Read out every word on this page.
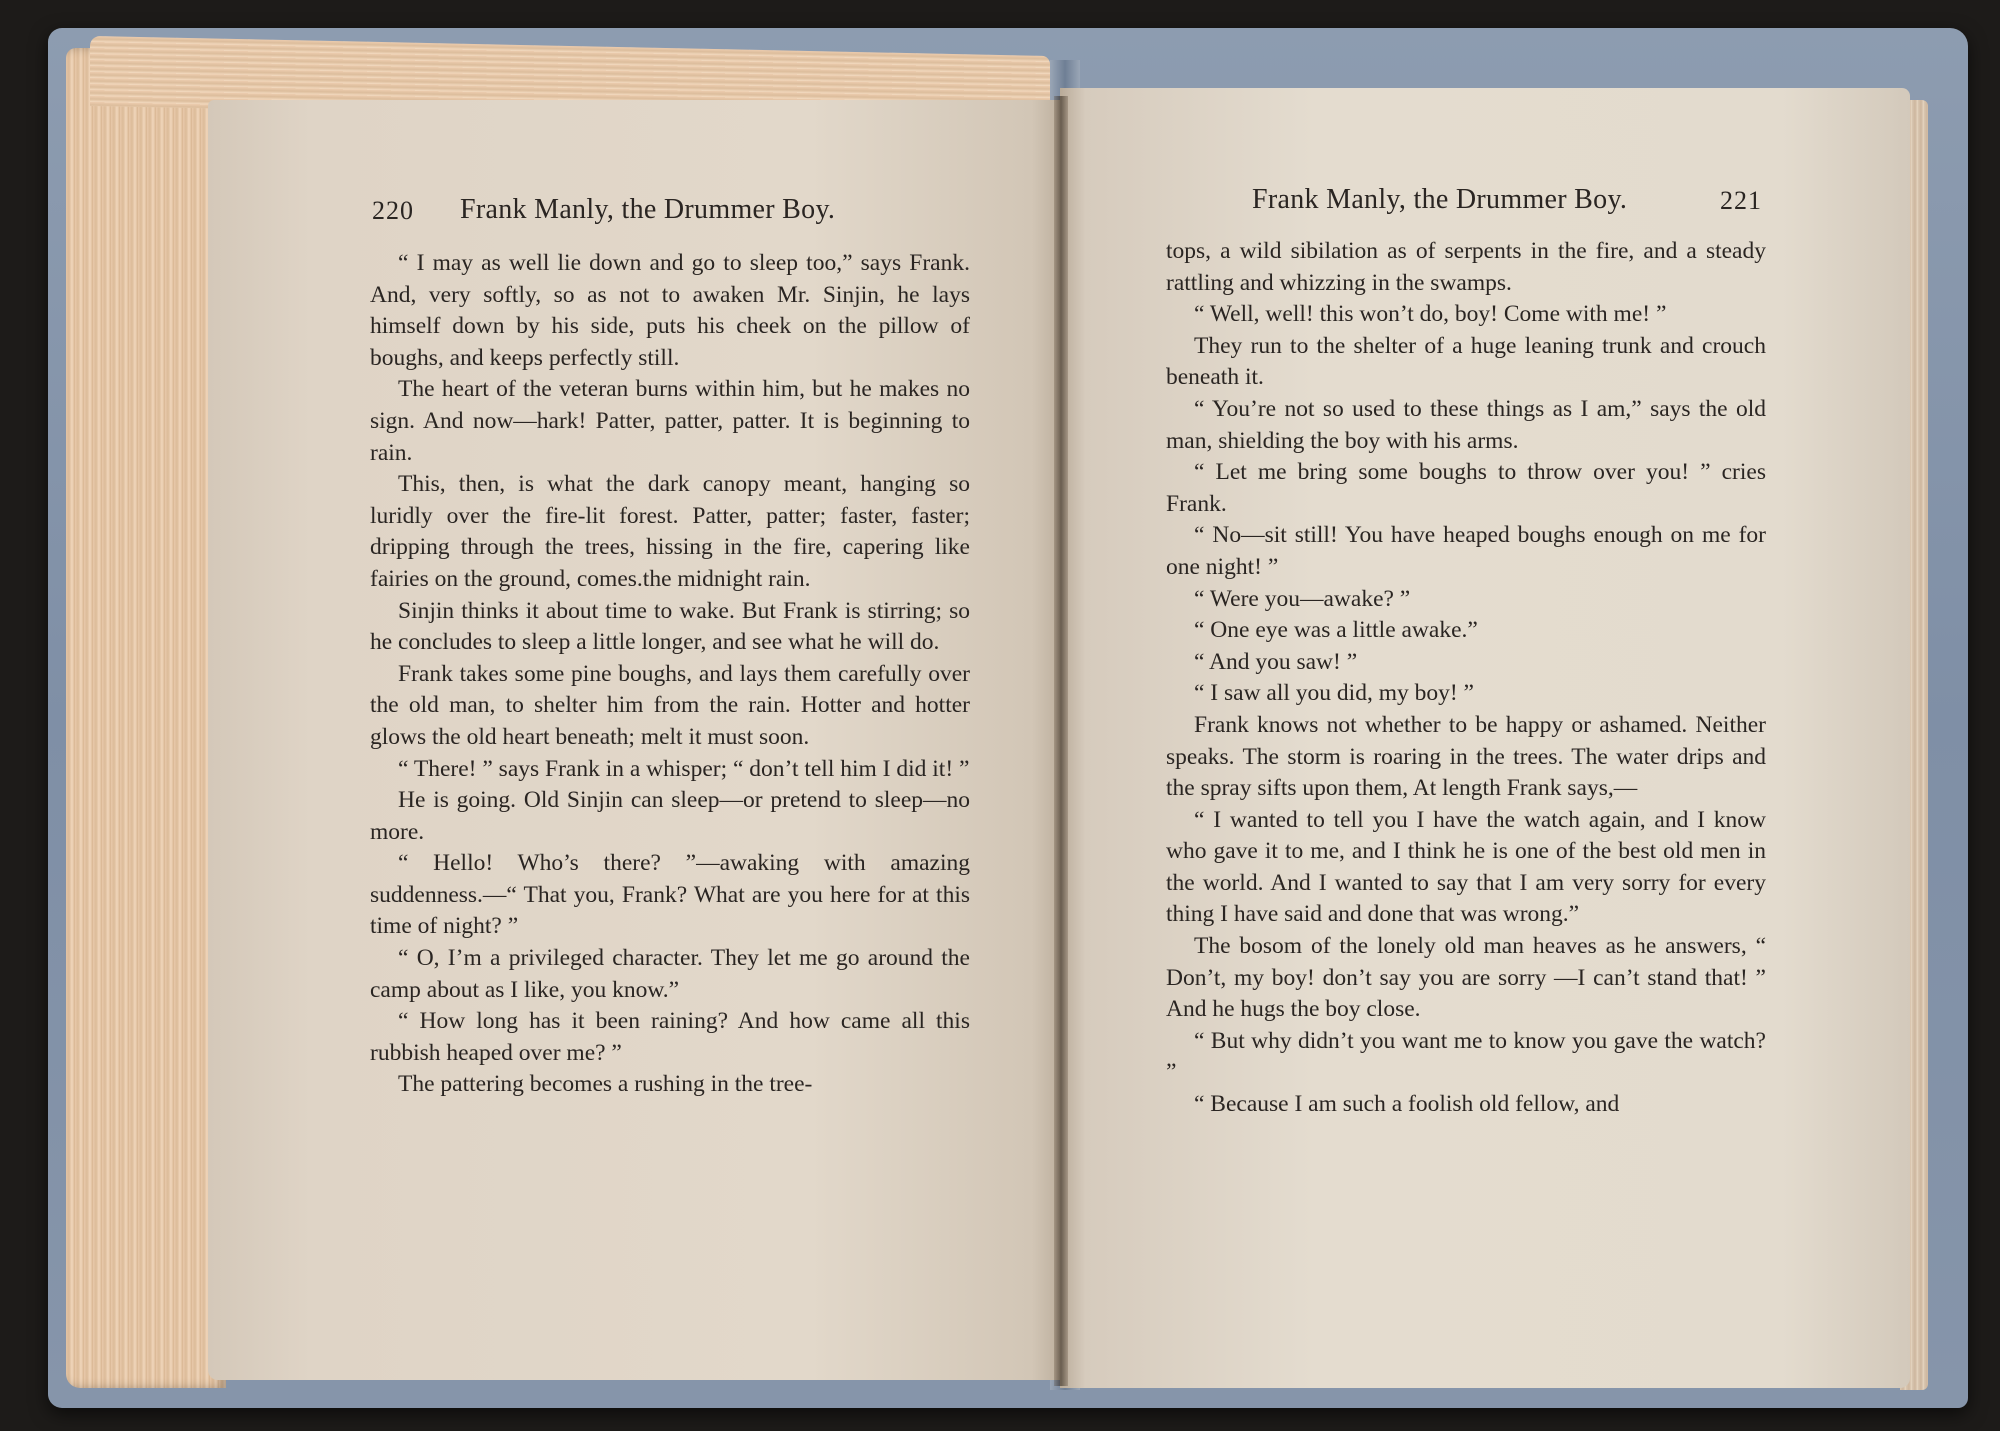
220 Frank Manly, the Drummer Boy.

“ I may as well lie down and go to sleep too,” says Frank. And, very softly, so as not to awaken Mr. Sinjin, he lays himself down by his side, puts his cheek on the pillow of boughs, and keeps perfectly still.

The heart of the veteran burns within him, but he makes no sign. And now—hark! Patter, patter, patter. It is beginning to rain.

This, then, is what the dark canopy meant, hanging so luridly over the fire-lit forest. Patter, patter; faster, faster; dripping through the trees, hissing in the fire, capering like fairies on the ground, comes.the midnight rain.

Sinjin thinks it about time to wake. But Frank is stirring; so he concludes to sleep a little longer, and see what he will do.

Frank takes some pine boughs, and lays them carefully over the old man, to shelter him from the rain. Hotter and hotter glows the old heart beneath; melt it must soon.

“ There! ” says Frank in a whisper; “ don’t tell him I did it! ”

He is going. Old Sinjin can sleep—or pretend to sleep—no more.

“ Hello! Who’s there? ”—awaking with amazing suddenness.—“ That you, Frank? What are you here for at this time of night? ”

“ O, I’m a privileged character. They let me go around the camp about as I like, you know.”

“ How long has it been raining? And how came all this rubbish heaped over me? ”

The pattering becomes a rushing in the tree-

Frank Manly, the Drummer Boy.	221

tops, a wild sibilation as of serpents in the fire, and a steady rattling and whizzing in the swamps.

“ Well, well! this won’t do, boy! Come with me! ”

They run to the shelter of a huge leaning trunk and crouch beneath it.

“ You’re not so used to these things as I am,” says the old man, shielding the boy with his arms.

“ Let me bring some boughs to throw over you! ” cries Frank.

“ No—sit still! You have heaped boughs enough on me for one night! ”

“ Were you—awake? ”

“ One eye was a little awake.”

“ And you saw! ”

“ I saw all you did, my boy! ”

Frank knows not whether to be happy or ashamed. Neither speaks. The storm is roaring in the trees. The water drips and the spray sifts upon them, At length Frank says,—

“ I wanted to tell you I have the watch again, and I know who gave it to me, and I think he is one of the best old men in the world. And I wanted to say that I am very sorry for every thing I have said and done that was wrong.”

The bosom of the lonely old man heaves as he answers, “ Don’t, my boy! don’t say you are sorry —I can’t stand that! ” And he hugs the boy close.

“ But why didn’t you want me to know you gave the watch? ”

“ Because I am such a foolish old fellow, and
